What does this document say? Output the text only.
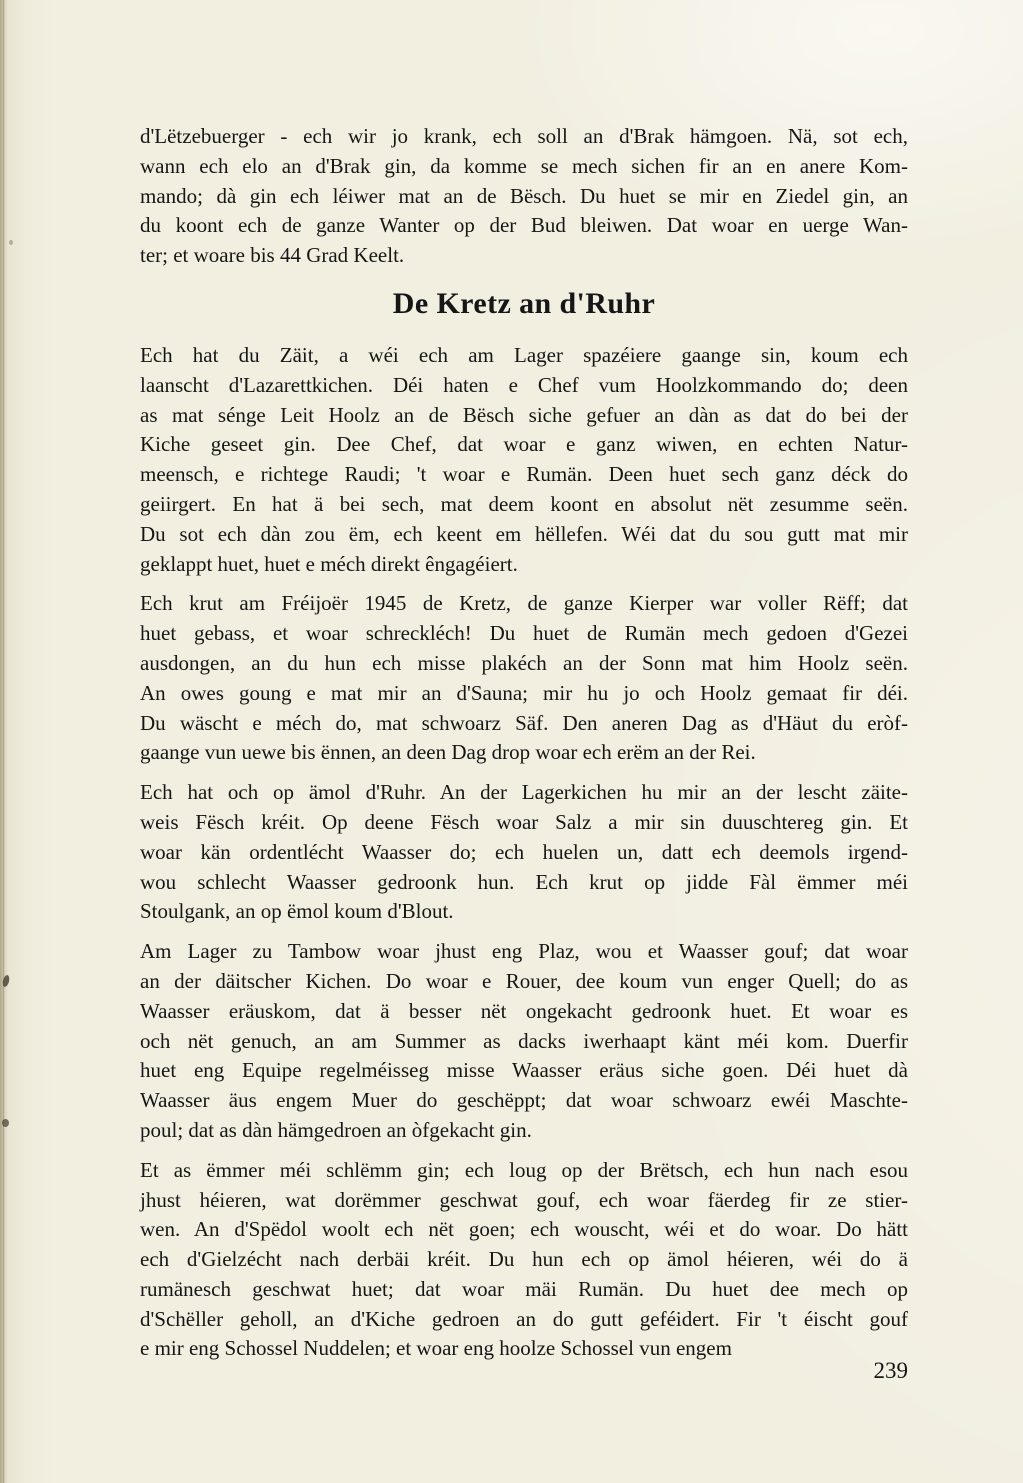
d'Lëtzebuerger - ech wir jo krank, ech soll an d'Brak hämgoen. Nä, sot ech,
wann ech elo an d'Brak gin, da komme se mech sichen fir an en anere Kom-
mando; dà gin ech léiwer mat an de Bësch. Du huet se mir en Ziedel gin, an
du koont ech de ganze Wanter op der Bud bleiwen. Dat woar en uerge Wan-
ter; et woare bis 44 Grad Keelt.
De Kretz an d'Ruhr
Ech hat du Zäit, a wéi ech am Lager spazéiere gaange sin, koum ech
laanscht d'Lazarettkichen. Déi haten e Chef vum Hoolzkommando do; deen
as mat sénge Leit Hoolz an de Bësch siche gefuer an dàn as dat do bei der
Kiche geseet gin. Dee Chef, dat woar e ganz wiwen, en echten Natur-
meensch, e richtege Raudi; 't woar e Rumän. Deen huet sech ganz déck do
geiirgert. En hat ä bei sech, mat deem koont en absolut nët zesumme seën.
Du sot ech dàn zou ëm, ech keent em hëllefen. Wéi dat du sou gutt mat mir
geklappt huet, huet e méch direkt êngagéiert.
Ech krut am Fréijoër 1945 de Kretz, de ganze Kierper war voller Rëff; dat
huet gebass, et woar schreckléch! Du huet de Rumän mech gedoen d'Gezei
ausdongen, an du hun ech misse plakéch an der Sonn mat him Hoolz seën.
An owes goung e mat mir an d'Sauna; mir hu jo och Hoolz gemaat fir déi.
Du wäscht e méch do, mat schwoarz Säf. Den aneren Dag as d'Häut du eròf-
gaange vun uewe bis ënnen, an deen Dag drop woar ech erëm an der Rei.
Ech hat och op ämol d'Ruhr. An der Lagerkichen hu mir an der lescht zäite-
weis Fësch kréit. Op deene Fësch woar Salz a mir sin duuschtereg gin. Et
woar kän ordentlécht Waasser do; ech huelen un, datt ech deemols irgend-
wou schlecht Waasser gedroonk hun. Ech krut op jidde Fàl ëmmer méi
Stoulgank, an op ëmol koum d'Blout.
Am Lager zu Tambow woar jhust eng Plaz, wou et Waasser gouf; dat woar
an der däitscher Kichen. Do woar e Rouer, dee koum vun enger Quell; do as
Waasser eräuskom, dat ä besser nët ongekacht gedroonk huet. Et woar es
och nët genuch, an am Summer as dacks iwerhaapt känt méi kom. Duerfir
huet eng Equipe regelméisseg misse Waasser eräus siche goen. Déi huet dà
Waasser äus engem Muer do geschëppt; dat woar schwoarz ewéi Maschte-
poul; dat as dàn hämgedroen an òfgekacht gin.
Et as ëmmer méi schlëmm gin; ech loug op der Brëtsch, ech hun nach esou
jhust héieren, wat dorëmmer geschwat gouf, ech woar fäerdeg fir ze stier-
wen. An d'Spëdol woolt ech nët goen; ech wouscht, wéi et do woar. Do hätt
ech d'Gielzécht nach derbäi kréit. Du hun ech op ämol héieren, wéi do ä
rumänesch geschwat huet; dat woar mäi Rumän. Du huet dee mech op
d'Schëller geholl, an d'Kiche gedroen an do gutt geféidert. Fir 't éischt gouf
e mir eng Schossel Nuddelen; et woar eng hoolze Schossel vun engem
239
